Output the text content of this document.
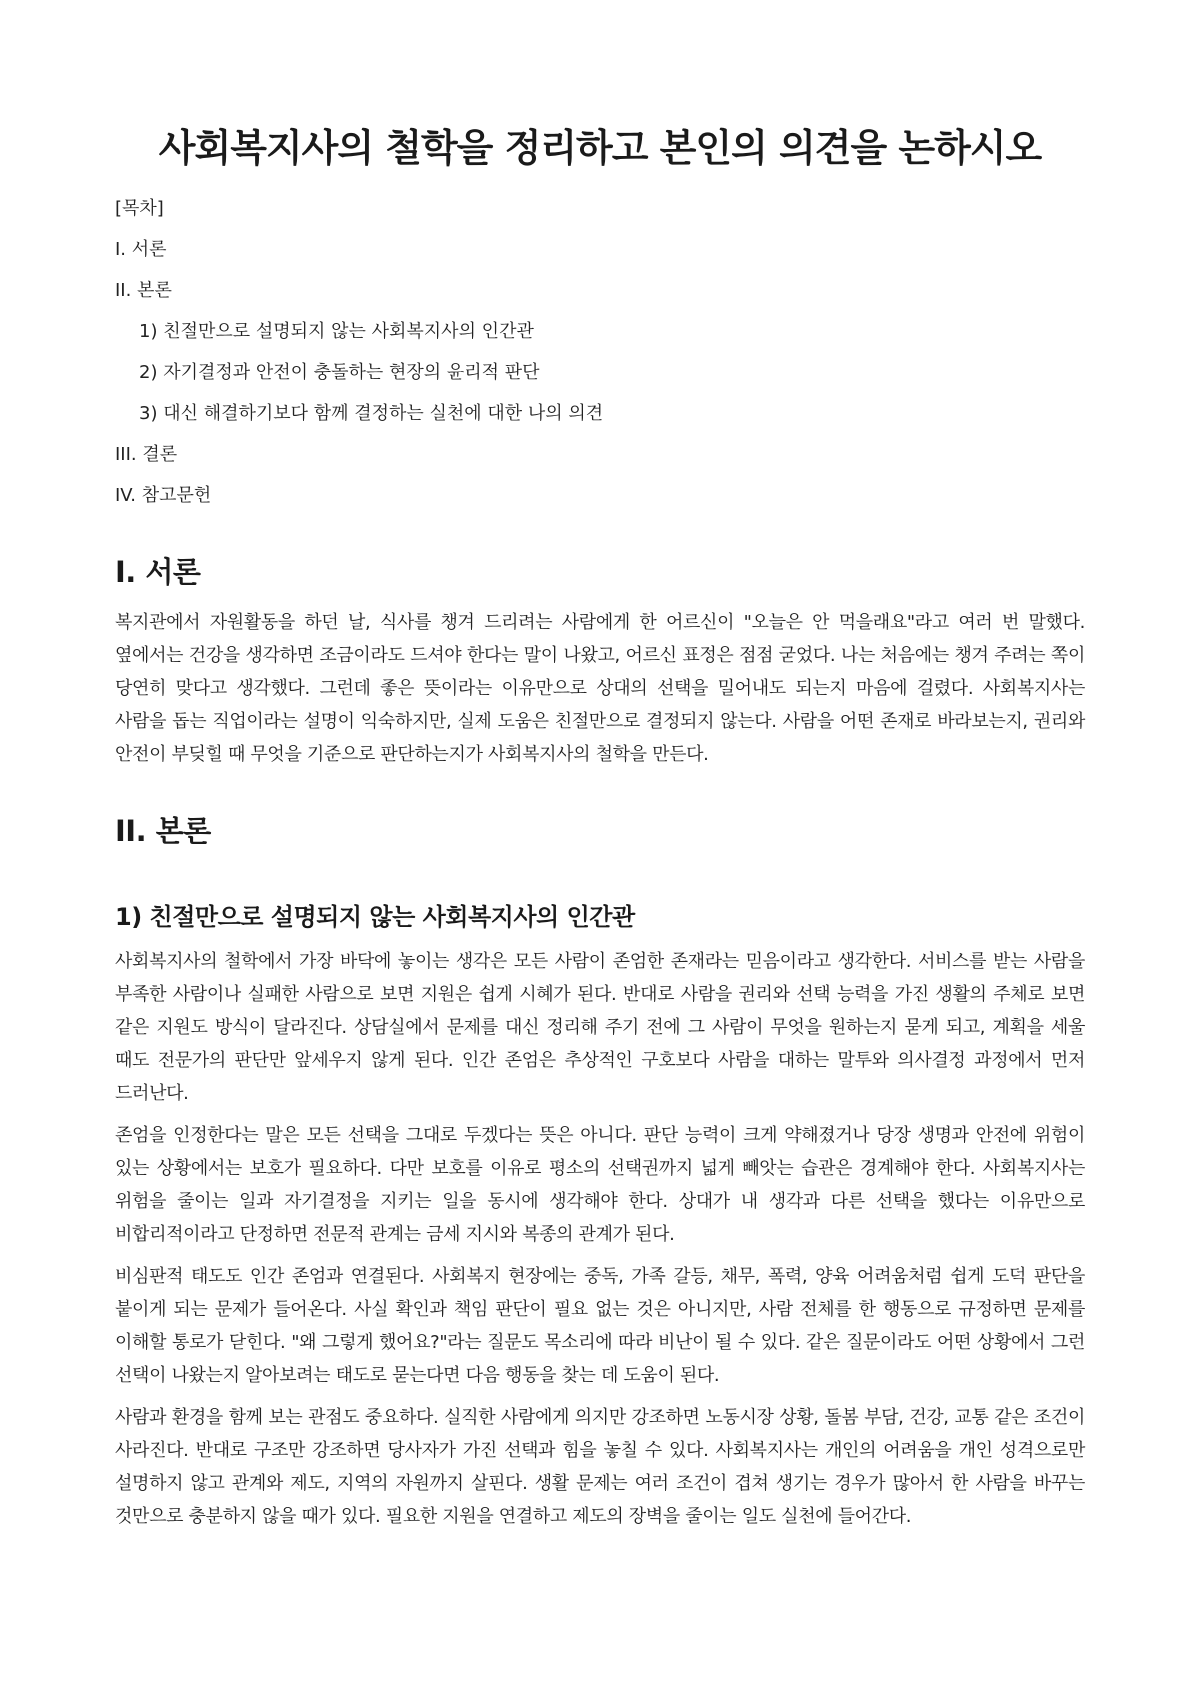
사회복지사의 철학을 정리하고 본인의 의견을 논하시오
[목차]
I. 서론
II. 본론
1) 친절만으로 설명되지 않는 사회복지사의 인간관
2) 자기결정과 안전이 충돌하는 현장의 윤리적 판단
3) 대신 해결하기보다 함께 결정하는 실천에 대한 나의 의견
III. 결론
IV. 참고문헌
I. 서론

복지관에서 자원활동을 하던 날, 식사를 챙겨 드리려는 사람에게 한 어르신이 "오늘은 안 먹을래요"라고 여러 번 말했다. 옆에서는 건강을 생각하면 조금이라도 드셔야 한다는 말이 나왔고, 어르신 표정은 점점 굳었다. 나는 처음에는 챙겨 주려는 쪽이 당연히 맞다고 생각했다. 그런데 좋은 뜻이라는 이유만으로 상대의 선택을 밀어내도 되는지 마음에 걸렸다. 사회복지사는 사람을 돕는 직업이라는 설명이 익숙하지만, 실제 도움은 친절만으로 결정되지 않는다. 사람을 어떤 존재로 바라보는지, 권리와 안전이 부딪힐 때 무엇을 기준으로 판단하는지가 사회복지사의 철학을 만든다.

II. 본론
1) 친절만으로 설명되지 않는 사회복지사의 인간관

사회복지사의 철학에서 가장 바닥에 놓이는 생각은 모든 사람이 존엄한 존재라는 믿음이라고 생각한다. 서비스를 받는 사람을 부족한 사람이나 실패한 사람으로 보면 지원은 쉽게 시혜가 된다. 반대로 사람을 권리와 선택 능력을 가진 생활의 주체로 보면 같은 지원도 방식이 달라진다. 상담실에서 문제를 대신 정리해 주기 전에 그 사람이 무엇을 원하는지 묻게 되고, 계획을 세울 때도 전문가의 판단만 앞세우지 않게 된다. 인간 존엄은 추상적인 구호보다 사람을 대하는 말투와 의사결정 과정에서 먼저 드러난다.

존엄을 인정한다는 말은 모든 선택을 그대로 두겠다는 뜻은 아니다. 판단 능력이 크게 약해졌거나 당장 생명과 안전에 위험이 있는 상황에서는 보호가 필요하다. 다만 보호를 이유로 평소의 선택권까지 넓게 빼앗는 습관은 경계해야 한다. 사회복지사는 위험을 줄이는 일과 자기결정을 지키는 일을 동시에 생각해야 한다. 상대가 내 생각과 다른 선택을 했다는 이유만으로 비합리적이라고 단정하면 전문적 관계는 금세 지시와 복종의 관계가 된다.

비심판적 태도도 인간 존엄과 연결된다. 사회복지 현장에는 중독, 가족 갈등, 채무, 폭력, 양육 어려움처럼 쉽게 도덕 판단을 붙이게 되는 문제가 들어온다. 사실 확인과 책임 판단이 필요 없는 것은 아니지만, 사람 전체를 한 행동으로 규정하면 문제를 이해할 통로가 닫힌다. "왜 그렇게 했어요?"라는 질문도 목소리에 따라 비난이 될 수 있다. 같은 질문이라도 어떤 상황에서 그런 선택이 나왔는지 알아보려는 태도로 묻는다면 다음 행동을 찾는 데 도움이 된다.

사람과 환경을 함께 보는 관점도 중요하다. 실직한 사람에게 의지만 강조하면 노동시장 상황, 돌봄 부담, 건강, 교통 같은 조건이 사라진다. 반대로 구조만 강조하면 당사자가 가진 선택과 힘을 놓칠 수 있다. 사회복지사는 개인의 어려움을 개인 성격으로만 설명하지 않고 관계와 제도, 지역의 자원까지 살핀다. 생활 문제는 여러 조건이 겹쳐 생기는 경우가 많아서 한 사람을 바꾸는 것만으로 충분하지 않을 때가 있다. 필요한 지원을 연결하고 제도의 장벽을 줄이는 일도 실천에 들어간다.
